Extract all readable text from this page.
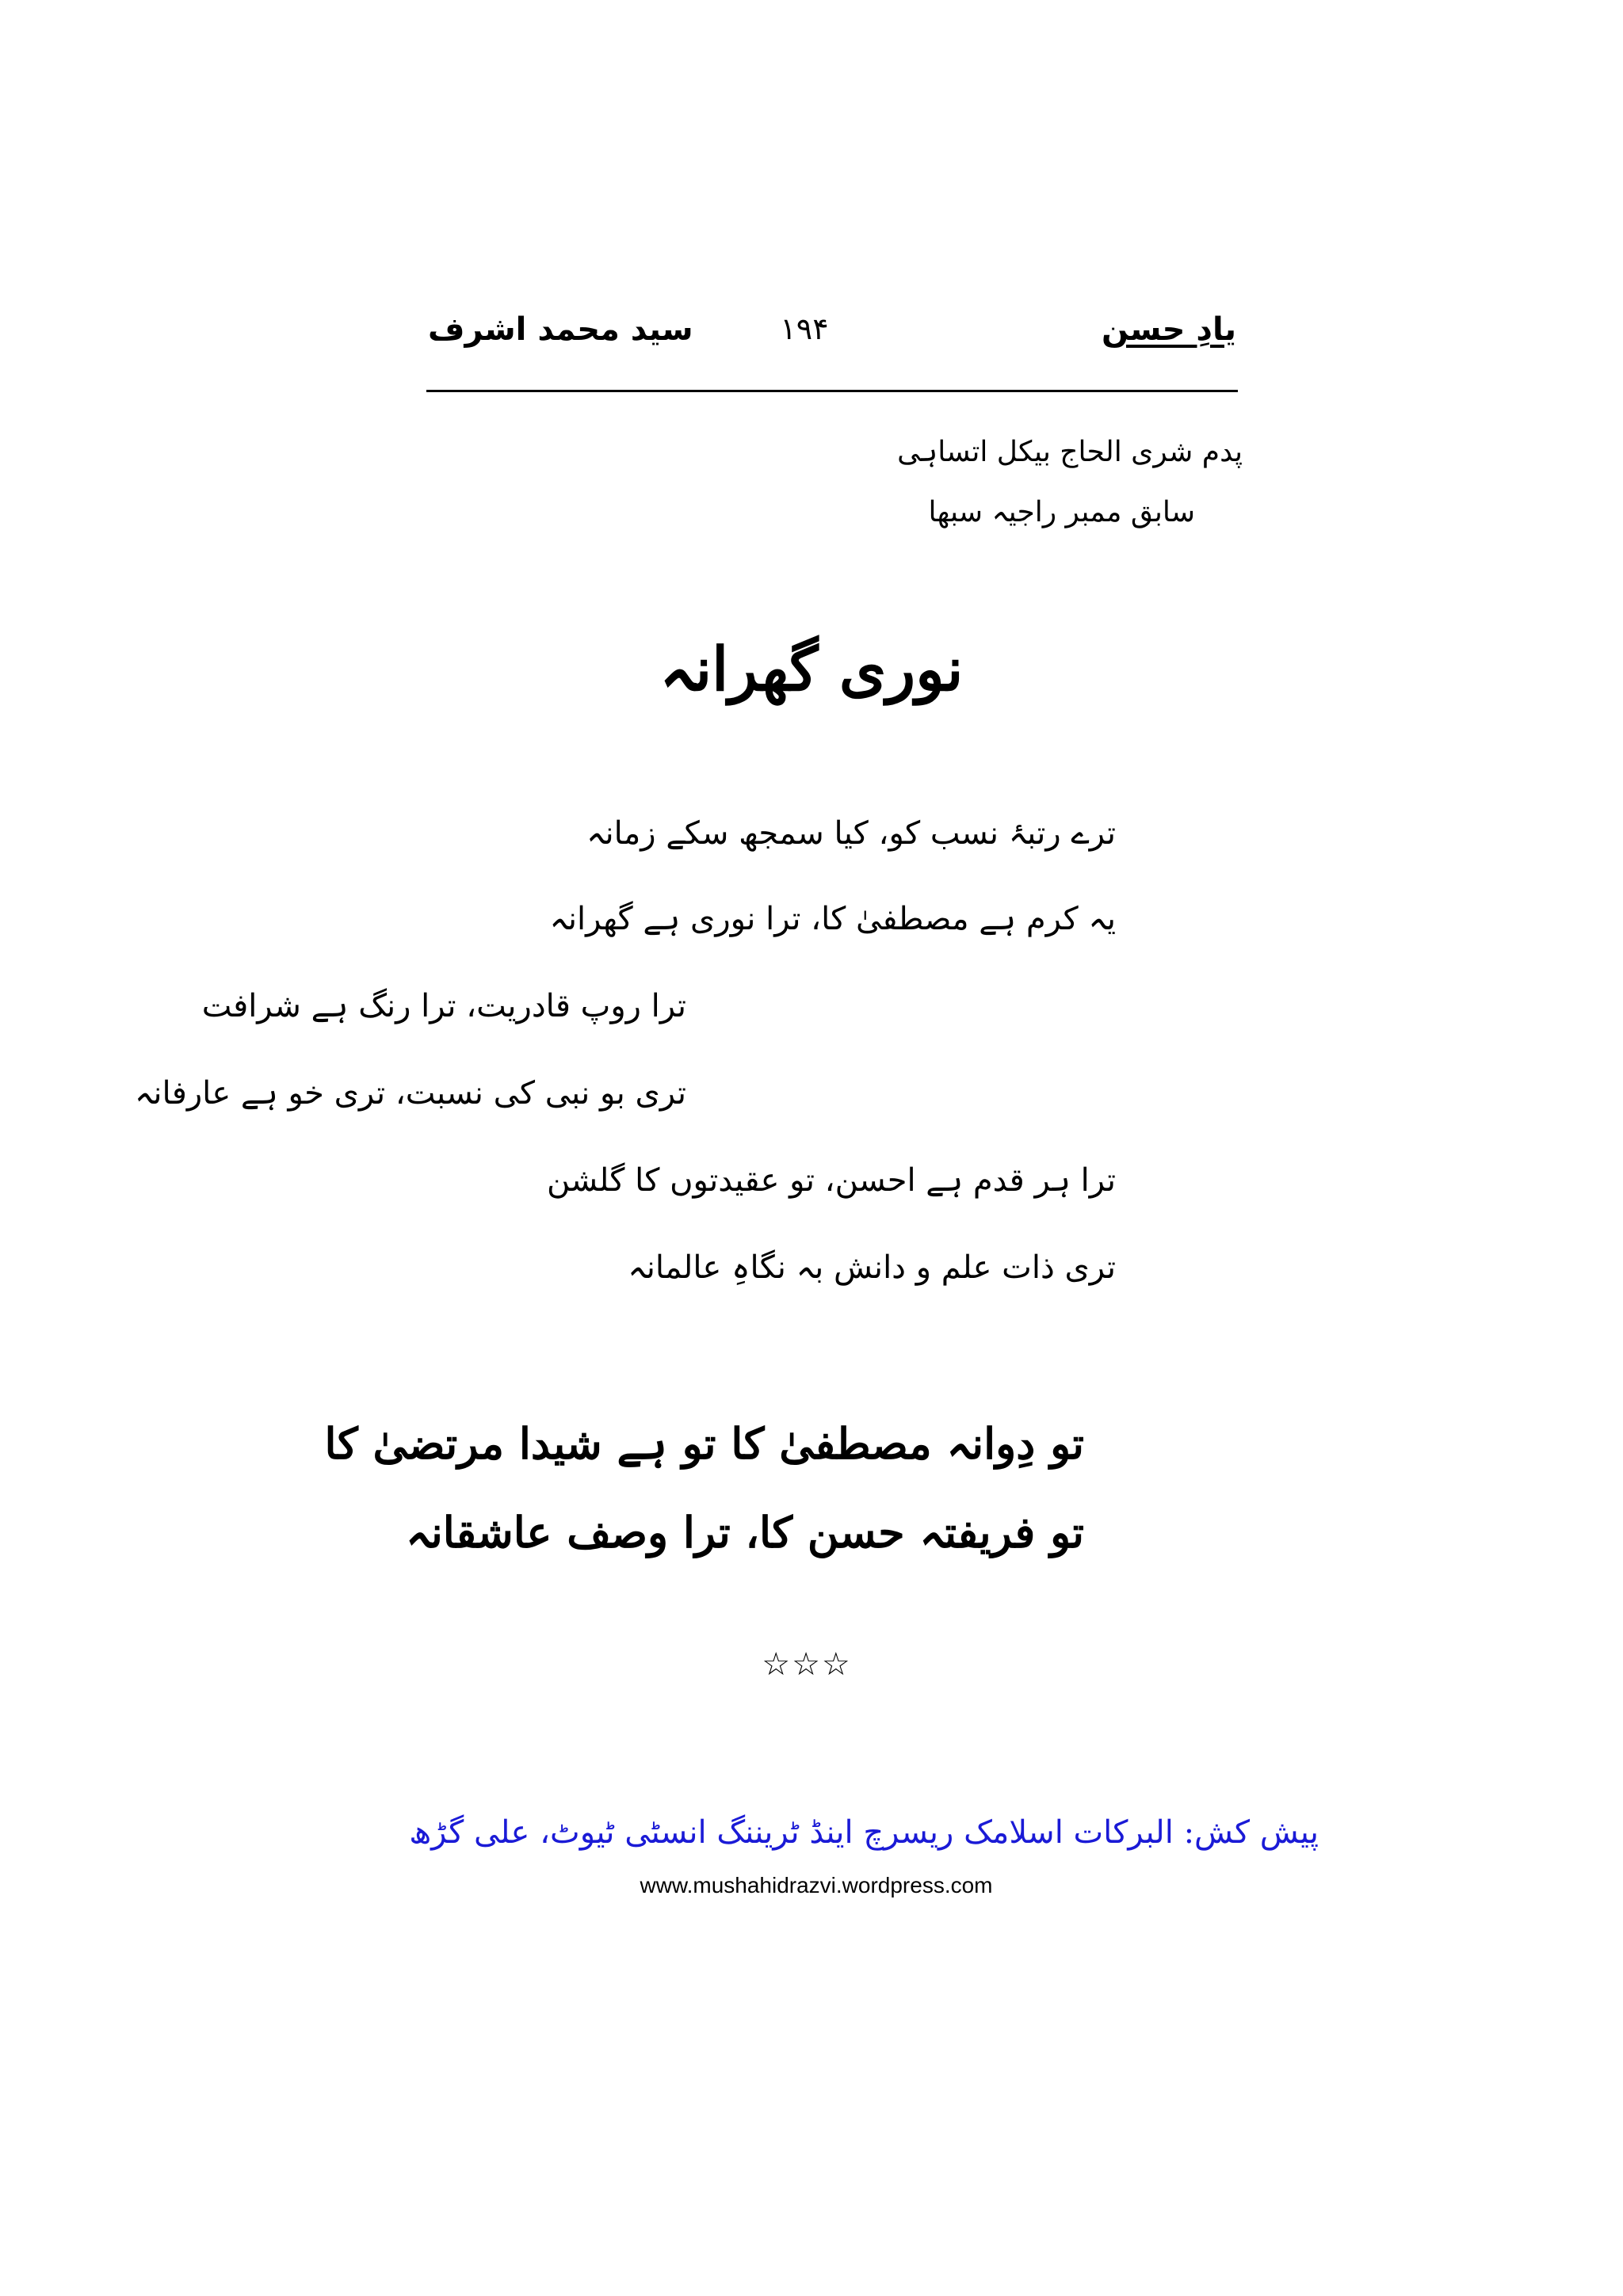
یادِ حسن
۱۹۴
سید محمد اشرف
پدم شری الحاج بیکل اتساہی
سابق ممبر راجیہ سبھا
نوری گھرانہ
ترے رتبۂ نسب کو، کیا سمجھ سکے زمانہ
یہ کرم ہے مصطفیٰ کا، ترا نوری ہے گھرانہ
ترا روپ قادریت، ترا رنگ ہے شرافت
تری بو نبی کی نسبت، تری خو ہے عارفانہ
ترا ہر قدم ہے احسن، تو عقیدتوں کا گلشن
تری ذات علم و دانش بہ نگاہِ عالمانہ
تو دِوانہ مصطفیٰ کا تو ہے شیدا مرتضیٰ کا
تو فریفتہ حسن کا، ترا وصف عاشقانہ
☆☆☆
پیش کش: البرکات اسلامک ریسرچ اینڈ ٹریننگ انسٹی ٹیوٹ، علی گڑھ
www.mushahidrazvi.wordpress.com
